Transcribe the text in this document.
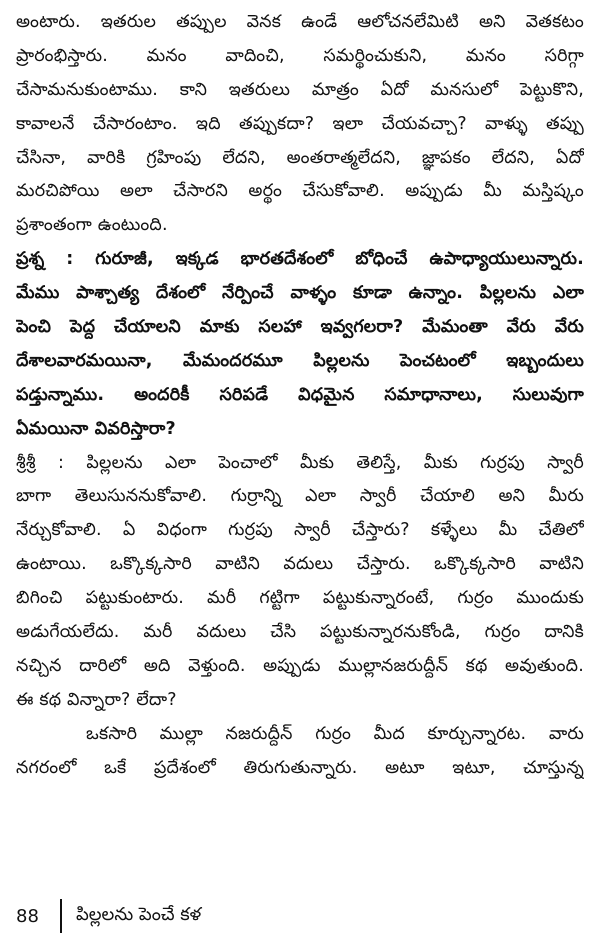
అంటారు. ఇతరుల తప్పుల వెనక ఉండే ఆలోచనలేమిటి అని వెతకటం
ప్రారంభిస్తారు. మనం వాదించి, సమర్థించుకుని, మనం సరిగ్గా
చేసామనుకుంటాము. కాని ఇతరులు మాత్రం ఏదో మనసులో పెట్టుకొని,
కావాలనే చేసారంటాం. ఇది తప్పుకదా? ఇలా చేయవచ్చా? వాళ్ళు తప్పు
చేసినా, వారికి గ్రహింపు లేదని, అంతరాత్మలేదని, జ్ఞాపకం లేదని, ఏదో
మరచిపోయి అలా చేసారని అర్థం చేసుకోవాలి. అప్పుడు మీ మస్తిష్కం
ప్రశాంతంగా ఉంటుంది.
ప్రశ్న : గురూజీ, ఇక్కడ భారతదేశంలో బోధించే ఉపాధ్యాయులున్నారు.
మేము పాశ్చాత్య దేశంలో నేర్పించే వాళ్ళం కూడా ఉన్నాం. పిల్లలను ఎలా
పెంచి పెద్ద చేయాలని మాకు సలహా ఇవ్వగలరా? మేమంతా వేరు వేరు
దేశాలవారమయినా, మేమందరమూ పిల్లలను పెంచటంలో ఇబ్బందులు
పడ్తున్నాము. అందరికీ సరిపడే విధమైన సమాధానాలు, సులువుగా
ఏమయినా వివరిస్తారా?
శ్రీశ్రీ : పిల్లలను ఎలా పెంచాలో మీకు తెలిస్తే, మీకు గుర్రపు స్వారీ
బాగా తెలుసుననుకోవాలి. గుర్రాన్ని ఎలా స్వారీ చేయాలి అని మీరు
నేర్చుకోవాలి. ఏ విధంగా గుర్రపు స్వారీ చేస్తారు? కళ్ళేలు మీ చేతిలో
ఉంటాయి. ఒక్కొక్కసారి వాటిని వదులు చేస్తారు. ఒక్కొక్కసారి వాటిని
బిగించి పట్టుకుంటారు. మరీ గట్టిగా పట్టుకున్నారంటే, గుర్రం ముందుకు
అడుగేయలేదు. మరీ వదులు చేసి పట్టుకున్నారనుకోండి, గుర్రం దానికి
నచ్చిన దారిలో అది వెళ్తుంది. అప్పుడు ముల్లానజరుద్దీన్ కథ అవుతుంది.
ఈ కథ విన్నారా? లేదా?
ఒకసారి ముల్లా నజరుద్దీన్ గుర్రం మీద కూర్చున్నారట. వారు
నగరంలో ఒకే ప్రదేశంలో తిరుగుతున్నారు. అటూ ఇటూ, చూస్తున్న
88	పిల్లలను పెంచే కళ
